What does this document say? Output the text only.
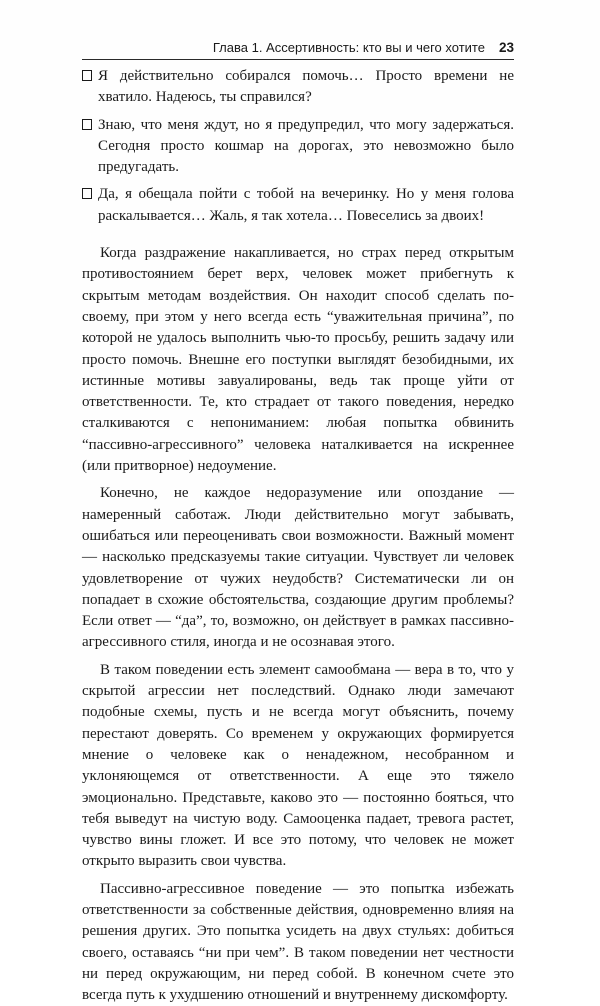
Глава 1. Ассертивность: кто вы и чего хотите 23
Я действительно собирался помочь… Просто времени не хватило. Надеюсь, ты справился?
Знаю, что меня ждут, но я предупредил, что могу задержаться. Сегодня просто кошмар на дорогах, это невозможно было предугадать.
Да, я обещала пойти с тобой на вечеринку. Но у меня голова раскалывается… Жаль, я так хотела… Повеселись за двоих!

Когда раздражение накапливается, но страх перед открытым противостоянием берет верх, человек может прибегнуть к скрытым методам воздействия. Он находит способ сделать по-своему, при этом у него всегда есть “уважительная причина”, по которой не удалось выполнить чью-то просьбу, решить задачу или просто помочь. Внешне его поступки выглядят безобидными, их истинные мотивы завуалированы, ведь так проще уйти от ответственности. Те, кто страдает от такого поведения, нередко сталкиваются с непониманием: любая попытка обвинить “пассивно-агрессивного” человека наталкивается на искреннее (или притворное) недоумение.

Конечно, не каждое недоразумение или опоздание — намеренный саботаж. Люди действительно могут забывать, ошибаться или переоценивать свои возможности. Важный момент — насколько предсказуемы такие ситуации. Чувствует ли человек удовлетворение от чужих неудобств? Систематически ли он попадает в схожие обстоятельства, создающие другим проблемы? Если ответ — “да”, то, возможно, он действует в рамках пассивно-агрессивного стиля, иногда и не осознавая этого.

В таком поведении есть элемент самообмана — вера в то, что у скрытой агрессии нет последствий. Однако люди замечают подобные схемы, пусть и не всегда могут объяснить, почему перестают доверять. Со временем у окружающих формируется мнение о человеке как о ненадежном, несобранном и уклоняющемся от ответственности. А еще это тяжело эмоционально. Представьте, каково это — постоянно бояться, что тебя выведут на чистую воду. Самооценка падает, тревога растет, чувство вины гложет. И все это потому, что человек не может открыто выразить свои чувства.

Пассивно-агрессивное поведение — это попытка избежать ответственности за собственные действия, одновременно влияя на решения других. Это попытка усидеть на двух стульях: добиться своего, оставаясь “ни при чем”. В таком поведении нет честности ни перед окружающим, ни перед собой. В конечном счете это всегда путь к ухудшению отношений и внутреннему дискомфорту.
